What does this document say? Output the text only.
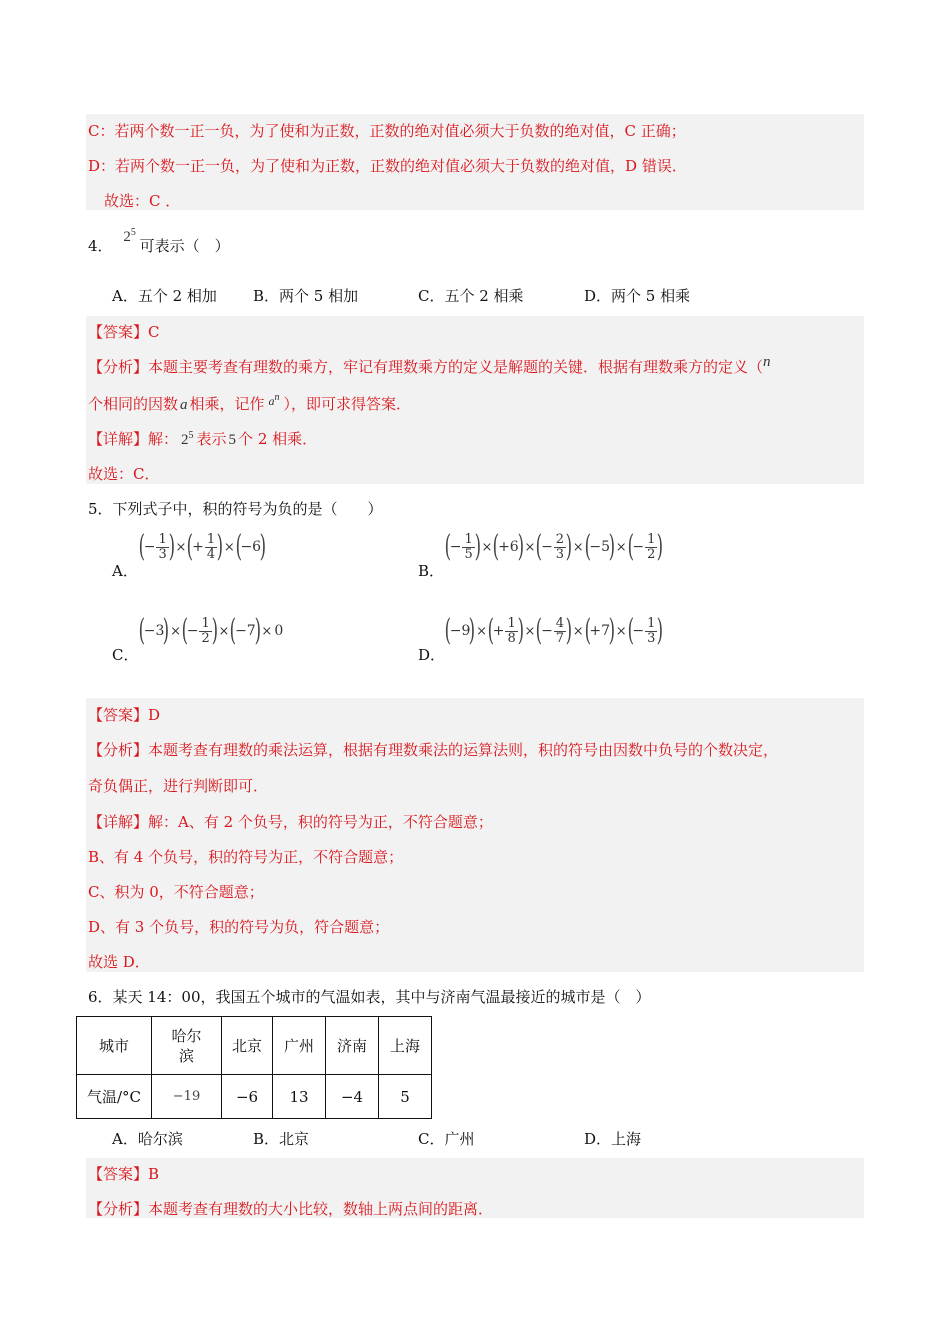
C：若两个数一正一负，为了使和为正数，正数的绝对值必须大于负数的绝对值，C 正确；
D：若两个数一正一负，为了使和为正数，正数的绝对值必须大于负数的绝对值，D 错误．
故选：C ．
4． $2^5$ 可表示（　）
A．五个 2 相加 B．两个 5 相加	C．五个 2 相乘	D．两个 5 相乘
【答案】C
【分析】本题主要考查有理数的乘方，牢记有理数乘方的定义是解题的关键．根据有理数乘方的定义（n
个相同的因数 a 相乘，记作 $^{a^n}$ ），即可求得答案．
【详解】解： $2^5$ 表示 5 个 2 相乘．
故选：C．
5．下列式子中，积的符号为负的是（　　）
A．
(
− $\frac{1}{3}$ ) × (
+ $\frac{1}{4}$ ) × (
−6
)
B．
(
− $\frac{1}{5}$ ) × (
+6
) × (
− $\frac{2}{3}$ ) × (
−5
) × (
− $\frac{1}{2}$ )
C．
(
−3
) × (
− $\frac{1}{2}$ ) × (
−7
) × 0
D．
(
−9
) × (
+ $\frac{1}{8}$ ) × (
− $\frac{4}{7}$ ) × (
+7
) × (
− $\frac{1}{3}$ )
【答案】D
【分析】本题考查有理数的乘法运算，根据有理数乘法的运算法则，积的符号由因数中负号的个数决定，
奇负偶正，进行判断即可．
【详解】解：A、有 2 个负号，积的符号为正，不符合题意；
B、有 4 个负号，积的符号为正，不符合题意；
C、积为 0，不符合题意；
D、有 3 个负号，积的符号为负，符合题意；
故选 D．
6．某天 14：00，我国五个城市的气温如表，其中与济南气温最接近的城市是（　）
城市	哈尔
滨	北京	广州	济南	上海
气温/°C	−19	−6	13	−4	5
A．哈尔滨	B．北京	C．广州	D．上海
【答案】B
【分析】本题考查有理数的大小比较，数轴上两点间的距离．
